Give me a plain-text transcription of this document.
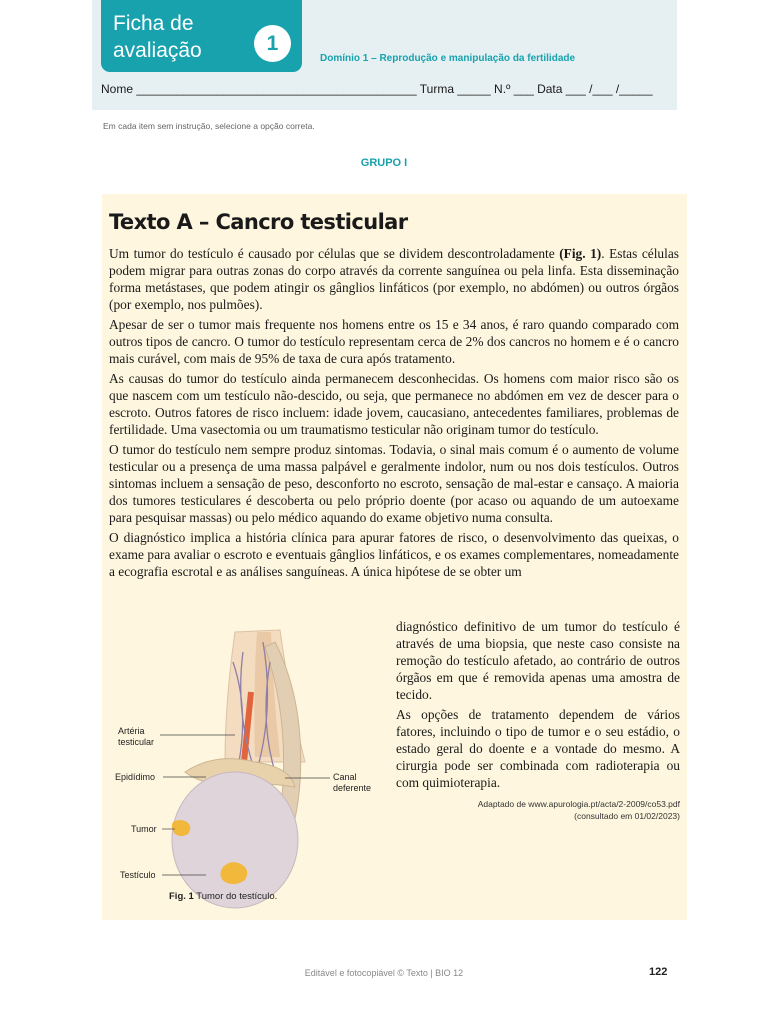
Ficha de
avaliação	1
Domínio 1 – Reprodução e manipulação da fertilidade
Nome __________________________________________ Turma _____ N.º ___ Data ___ /___ /_____
Em cada item sem instrução, selecione a opção correta.
GRUPO I
Texto A – Cancro testicular

Um tumor do testículo é causado por células que se dividem descontroladamente (Fig. 1). Estas células podem migrar para outras zonas do corpo através da corrente sanguínea ou pela linfa. Esta disseminação forma metástases, que podem atingir os gânglios linfáticos (por exemplo, no abdómen) ou outros órgãos (por exemplo, nos pulmões).

Apesar de ser o tumor mais frequente nos homens entre os 15 e 34 anos, é raro quando comparado com outros tipos de cancro. O tumor do testículo representam cerca de 2% dos cancros no homem e é o cancro mais curável, com mais de 95% de taxa de cura após tratamento.

As causas do tumor do testículo ainda permanecem desconhecidas. Os homens com maior risco são os que nascem com um testículo não-descido, ou seja, que permanece no abdómen em vez de descer para o escroto. Outros fatores de risco incluem: idade jovem, caucasiano, antecedentes familiares, problemas de fertilidade. Uma vasectomia ou um traumatismo testicular não originam tumor do testículo.

O tumor do testículo nem sempre produz sintomas. Todavia, o sinal mais comum é o aumento de volume testicular ou a presença de uma massa palpável e geralmente indolor, num ou nos dois testículos. Outros sintomas incluem a sensação de peso, desconforto no escroto, sensação de mal-estar e cansaço. A maioria dos tumores testiculares é descoberta ou pelo próprio doente (por acaso ou aquando de um autoexame para pesquisar massas) ou pelo médico aquando do exame objetivo numa consulta.

O diagnóstico implica a história clínica para apurar fatores de risco, o desenvolvimento das queixas, o exame para avaliar o escroto e eventuais gânglios linfáticos, e os exames complementares, nomeadamente a ecografia escrotal e as análises sanguíneas. A única hipótese de se obter um

diagnóstico definitivo de um tumor do testículo é através de uma biopsia, que neste caso consiste na remoção do testículo afetado, ao contrário de outros órgãos em que é removida apenas uma amostra de tecido.

As opções de tratamento dependem de vários fatores, incluindo o tipo de tumor e o seu estádio, o estado geral do doente e a vontade do mesmo. A cirurgia pode ser combinada com radioterapia ou com quimioterapia.

Adaptado de www.apurologia.pt/acta/2-2009/co53.pdf
(consultado em 01/02/2023)
Artéria
testicular
Epidídimo	Canal
deferente
Tumor
Testículo
Fig. 1 Tumor do testículo.
Editável e fotocopiável © Texto | BIO 12	122
